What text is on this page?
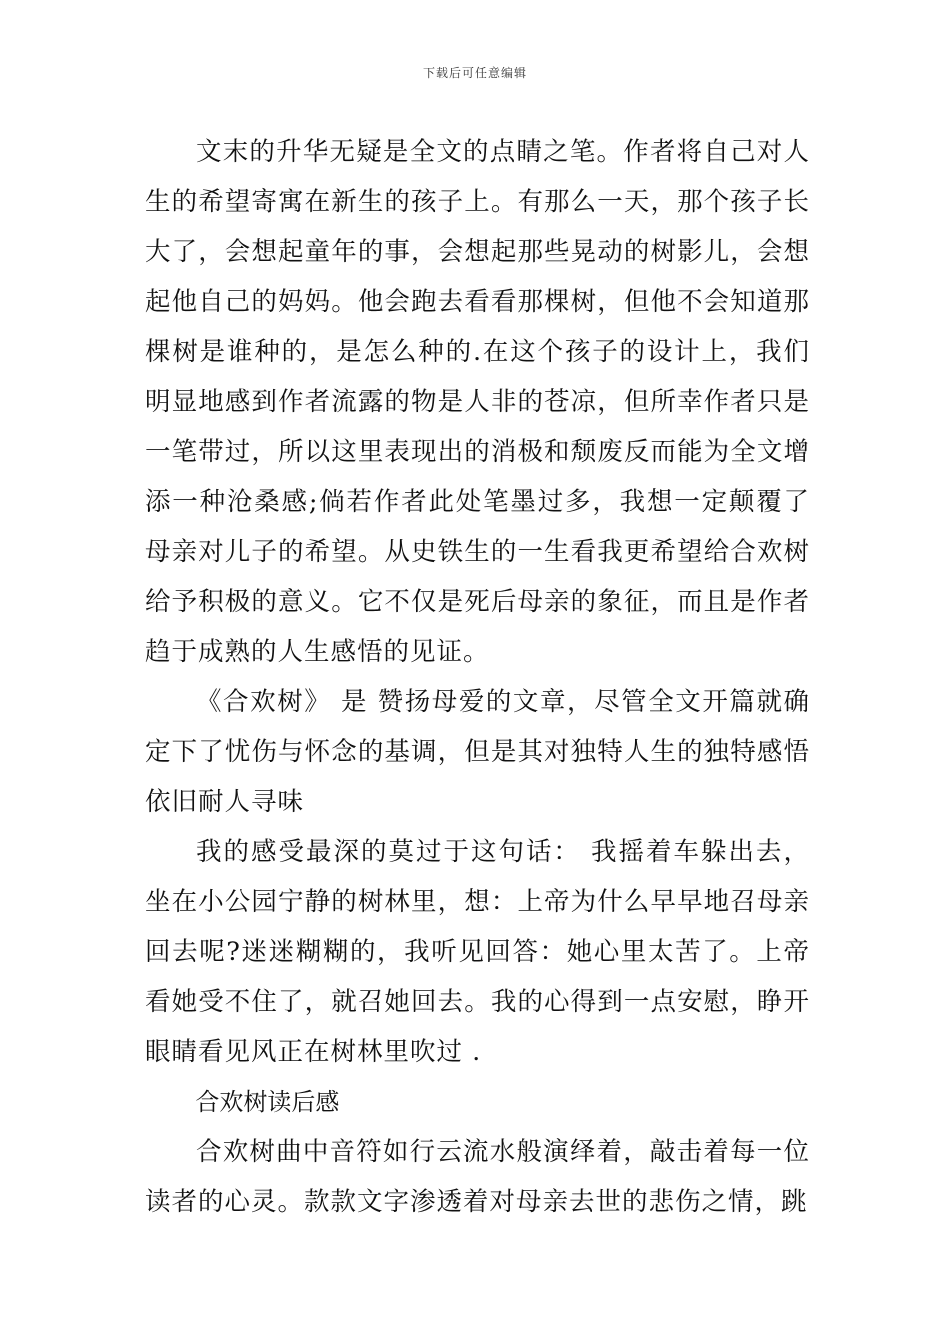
下载后可任意编辑

文末的升华无疑是全文的点睛之笔。作者将自己对人生的希望寄寓在新生的孩子上。有那么一天，那个孩子长大了，会想起童年的事，会想起那些晃动的树影儿，会想起他自己的妈妈。他会跑去看看那棵树，但他不会知道那棵树是谁种的，是怎么种的.在这个孩子的设计上，我们明显地感到作者流露的物是人非的苍凉，但所幸作者只是一笔带过，所以这里表现出的消极和颓废反而能为全文增添一种沧桑感;倘若作者此处笔墨过多，我想一定颠覆了母亲对儿子的希望。从史铁生的一生看我更希望给合欢树给予积极的意义。它不仅是死后母亲的象征，而且是作者趋于成熟的人生感悟的见证。

《合欢树》 是 赞扬母爱的文章，尽管全文开篇就确定下了忧伤与怀念的基调，但是其对独特人生的独特感悟依旧耐人寻味

我的感受最深的莫过于这句话： 我摇着车躲出去，坐在小公园宁静的树林里，想：上帝为什么早早地召母亲回去呢?迷迷糊糊的，我听见回答：她心里太苦了。上帝看她受不住了，就召她回去。我的心得到一点安慰，睁开眼睛看见风正在树林里吹过 .

合欢树读后感

合欢树曲中音符如行云流水般演绎着，敲击着每一位读者的心灵。款款文字渗透着对母亲去世的悲伤之情，跳
